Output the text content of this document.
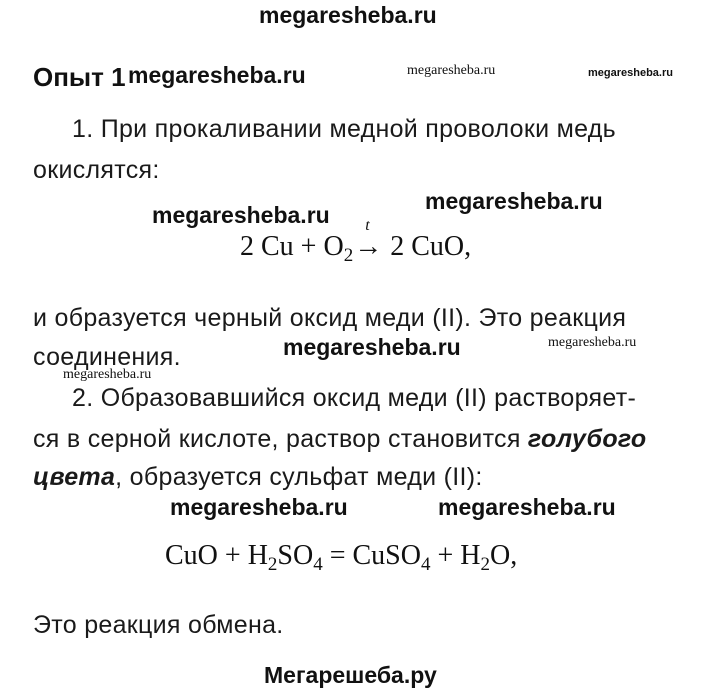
megaresheba.ru
Опыт 1 megaresheba.ru	megaresheba.ru	megaresheba.ru
1. При прокаливании медной проволоки медь
окислятся:
megaresheba.ru
megaresheba.ru
2 $Cu + O_2$
t
→ 2 CuO,
и образуется черный оксид меди (II). Это реакция
соединения.	megaresheba.ru	megaresheba.ru
megaresheba.ru
2. Образовавшийся оксид меди (II) растворяет-
ся в серной кислоте, раствор становится голубого
цвета, образуется сульфат меди (II):
megaresheba.ru	megaresheba.ru
CuO + $H_2SO_4$ = CuSO$_4$ + $H_2O$,
Это реакция обмена.
Мегарешеба.ру
